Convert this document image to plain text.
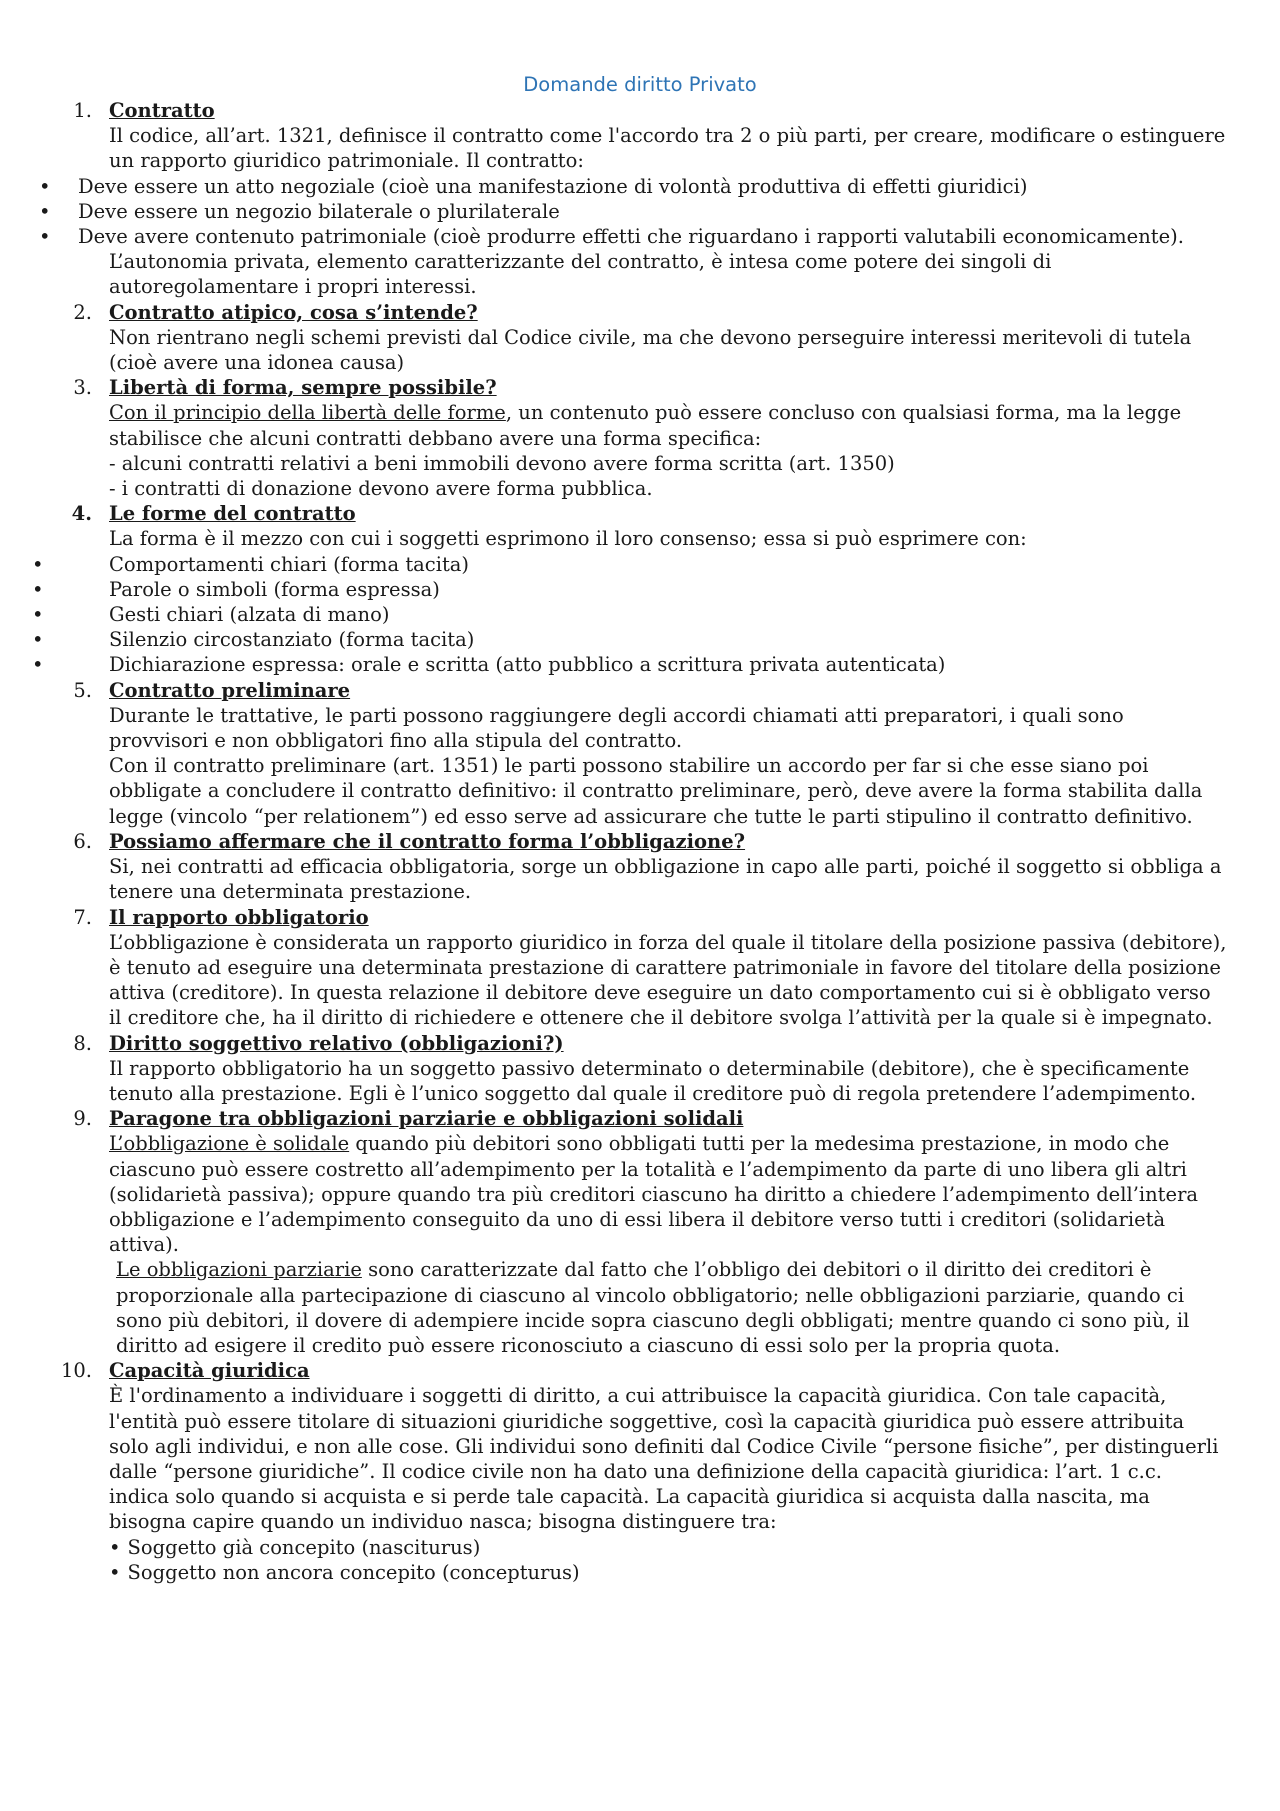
Domande diritto Privato
1. Contratto
Il codice, all’art. 1321, definisce il contratto come l'accordo tra 2 o più parti, per creare, modificare o estinguere un rapporto giuridico patrimoniale. Il contratto:
• Deve essere un atto negoziale (cioè una manifestazione di volontà produttiva di effetti giuridici)
• Deve essere un negozio bilaterale o plurilaterale
• Deve avere contenuto patrimoniale (cioè produrre effetti che riguardano i rapporti valutabili economicamente).
L’autonomia privata, elemento caratterizzante del contratto, è intesa come potere dei singoli di autoregolamentare i propri interessi.
2. Contratto atipico, cosa s’intende?
Non rientrano negli schemi previsti dal Codice civile, ma che devono perseguire interessi meritevoli di tutela (cioè avere una idonea causa)
3. Libertà di forma, sempre possibile?
Con il principio della libertà delle forme, un contenuto può essere concluso con qualsiasi forma, ma la legge stabilisce che alcuni contratti debbano avere una forma specifica:
- alcuni contratti relativi a beni immobili devono avere forma scritta (art. 1350)
- i contratti di donazione devono avere forma pubblica.
4. Le forme del contratto
La forma è il mezzo con cui i soggetti esprimono il loro consenso; essa si può esprimere con:
• Comportamenti chiari (forma tacita)
• Parole o simboli (forma espressa)
• Gesti chiari (alzata di mano)
• Silenzio circostanziato (forma tacita)
• Dichiarazione espressa: orale e scritta (atto pubblico a scrittura privata autenticata)
5. Contratto preliminare
Durante le trattative, le parti possono raggiungere degli accordi chiamati atti preparatori, i quali sono provvisori e non obbligatori fino alla stipula del contratto.
Con il contratto preliminare (art. 1351) le parti possono stabilire un accordo per far si che esse siano poi obbligate a concludere il contratto definitivo: il contratto preliminare, però, deve avere la forma stabilita dalla legge (vincolo “per relationem”) ed esso serve ad assicurare che tutte le parti stipulino il contratto definitivo.
6. Possiamo affermare che il contratto forma l’obbligazione?
Si, nei contratti ad efficacia obbligatoria, sorge un obbligazione in capo alle parti, poiché il soggetto si obbliga a tenere una determinata prestazione.
7. Il rapporto obbligatorio
L’obbligazione è considerata un rapporto giuridico in forza del quale il titolare della posizione passiva (debitore), è tenuto ad eseguire una determinata prestazione di carattere patrimoniale in favore del titolare della posizione attiva (creditore). In questa relazione il debitore deve eseguire un dato comportamento cui si è obbligato verso il creditore che, ha il diritto di richiedere e ottenere che il debitore svolga l’attività per la quale si è impegnato.
8. Diritto soggettivo relativo (obbligazioni?)
Il rapporto obbligatorio ha un soggetto passivo determinato o determinabile (debitore), che è specificamente tenuto alla prestazione. Egli è l’unico soggetto dal quale il creditore può di regola pretendere l’adempimento.
9. Paragone tra obbligazioni parziarie e obbligazioni solidali
L’obbligazione è solidale quando più debitori sono obbligati tutti per la medesima prestazione, in modo che ciascuno può essere costretto all’adempimento per la totalità e l’adempimento da parte di uno libera gli altri (solidarietà passiva); oppure quando tra più creditori ciascuno ha diritto a chiedere l’adempimento dell’intera obbligazione e l’adempimento conseguito da uno di essi libera il debitore verso tutti i creditori (solidarietà attiva).
Le obbligazioni parziarie sono caratterizzate dal fatto che l’obbligo dei debitori o il diritto dei creditori è proporzionale alla partecipazione di ciascuno al vincolo obbligatorio; nelle obbligazioni parziarie, quando ci sono più debitori, il dovere di adempiere incide sopra ciascuno degli obbligati; mentre quando ci sono più, il diritto ad esigere il credito può essere riconosciuto a ciascuno di essi solo per la propria quota.
10. Capacità giuridica
È l'ordinamento a individuare i soggetti di diritto, a cui attribuisce la capacità giuridica. Con tale capacità, l'entità può essere titolare di situazioni giuridiche soggettive, così la capacità giuridica può essere attribuita solo agli individui, e non alle cose. Gli individui sono definiti dal Codice Civile “persone fisiche”, per distinguerli dalle “persone giuridiche”. Il codice civile non ha dato una definizione della capacità giuridica: l’art. 1 c.c. indica solo quando si acquista e si perde tale capacità. La capacità giuridica si acquista dalla nascita, ma bisogna capire quando un individuo nasca; bisogna distinguere tra:
• Soggetto già concepito (nasciturus)
• Soggetto non ancora concepito (concepturus)
